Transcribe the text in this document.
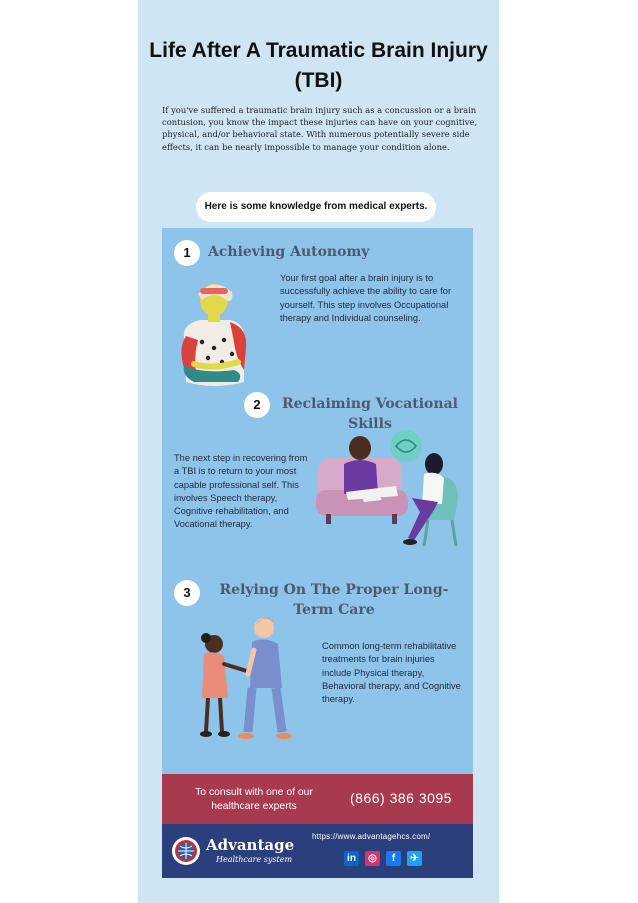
Life After A Traumatic Brain Injury (TBI)
If you've suffered a traumatic brain injury such as a concussion or a brain contusion, you know the impact these injuries can have on your cognitive, physical, and/or behavioral state. With numerous potentially severe side effects, it can be nearly impossible to manage your condition alone.
Here is some knowledge from medical experts.
1	Achieving Autonomy
Your first goal after a brain injury is to successfully achieve the ability to care for yourself. This step involves Occupational therapy and Individual counseling.
2	Reclaiming Vocational Skills
The next step in recovering from a TBI is to return to your most capable professional self. This involves Speech therapy, Cognitive rehabilitation, and Vocational therapy.
3	Relying On The Proper Long-Term Care
Common long-term rehabilitative treatments for brain injuries include Physical therapy, Behavioral therapy, and Cognitive therapy.
To consult with one of our healthcare experts
(866) 386 3095
Advantage
Healthcare system
https://www.advantagehcs.com/
in	◎	f	✈
